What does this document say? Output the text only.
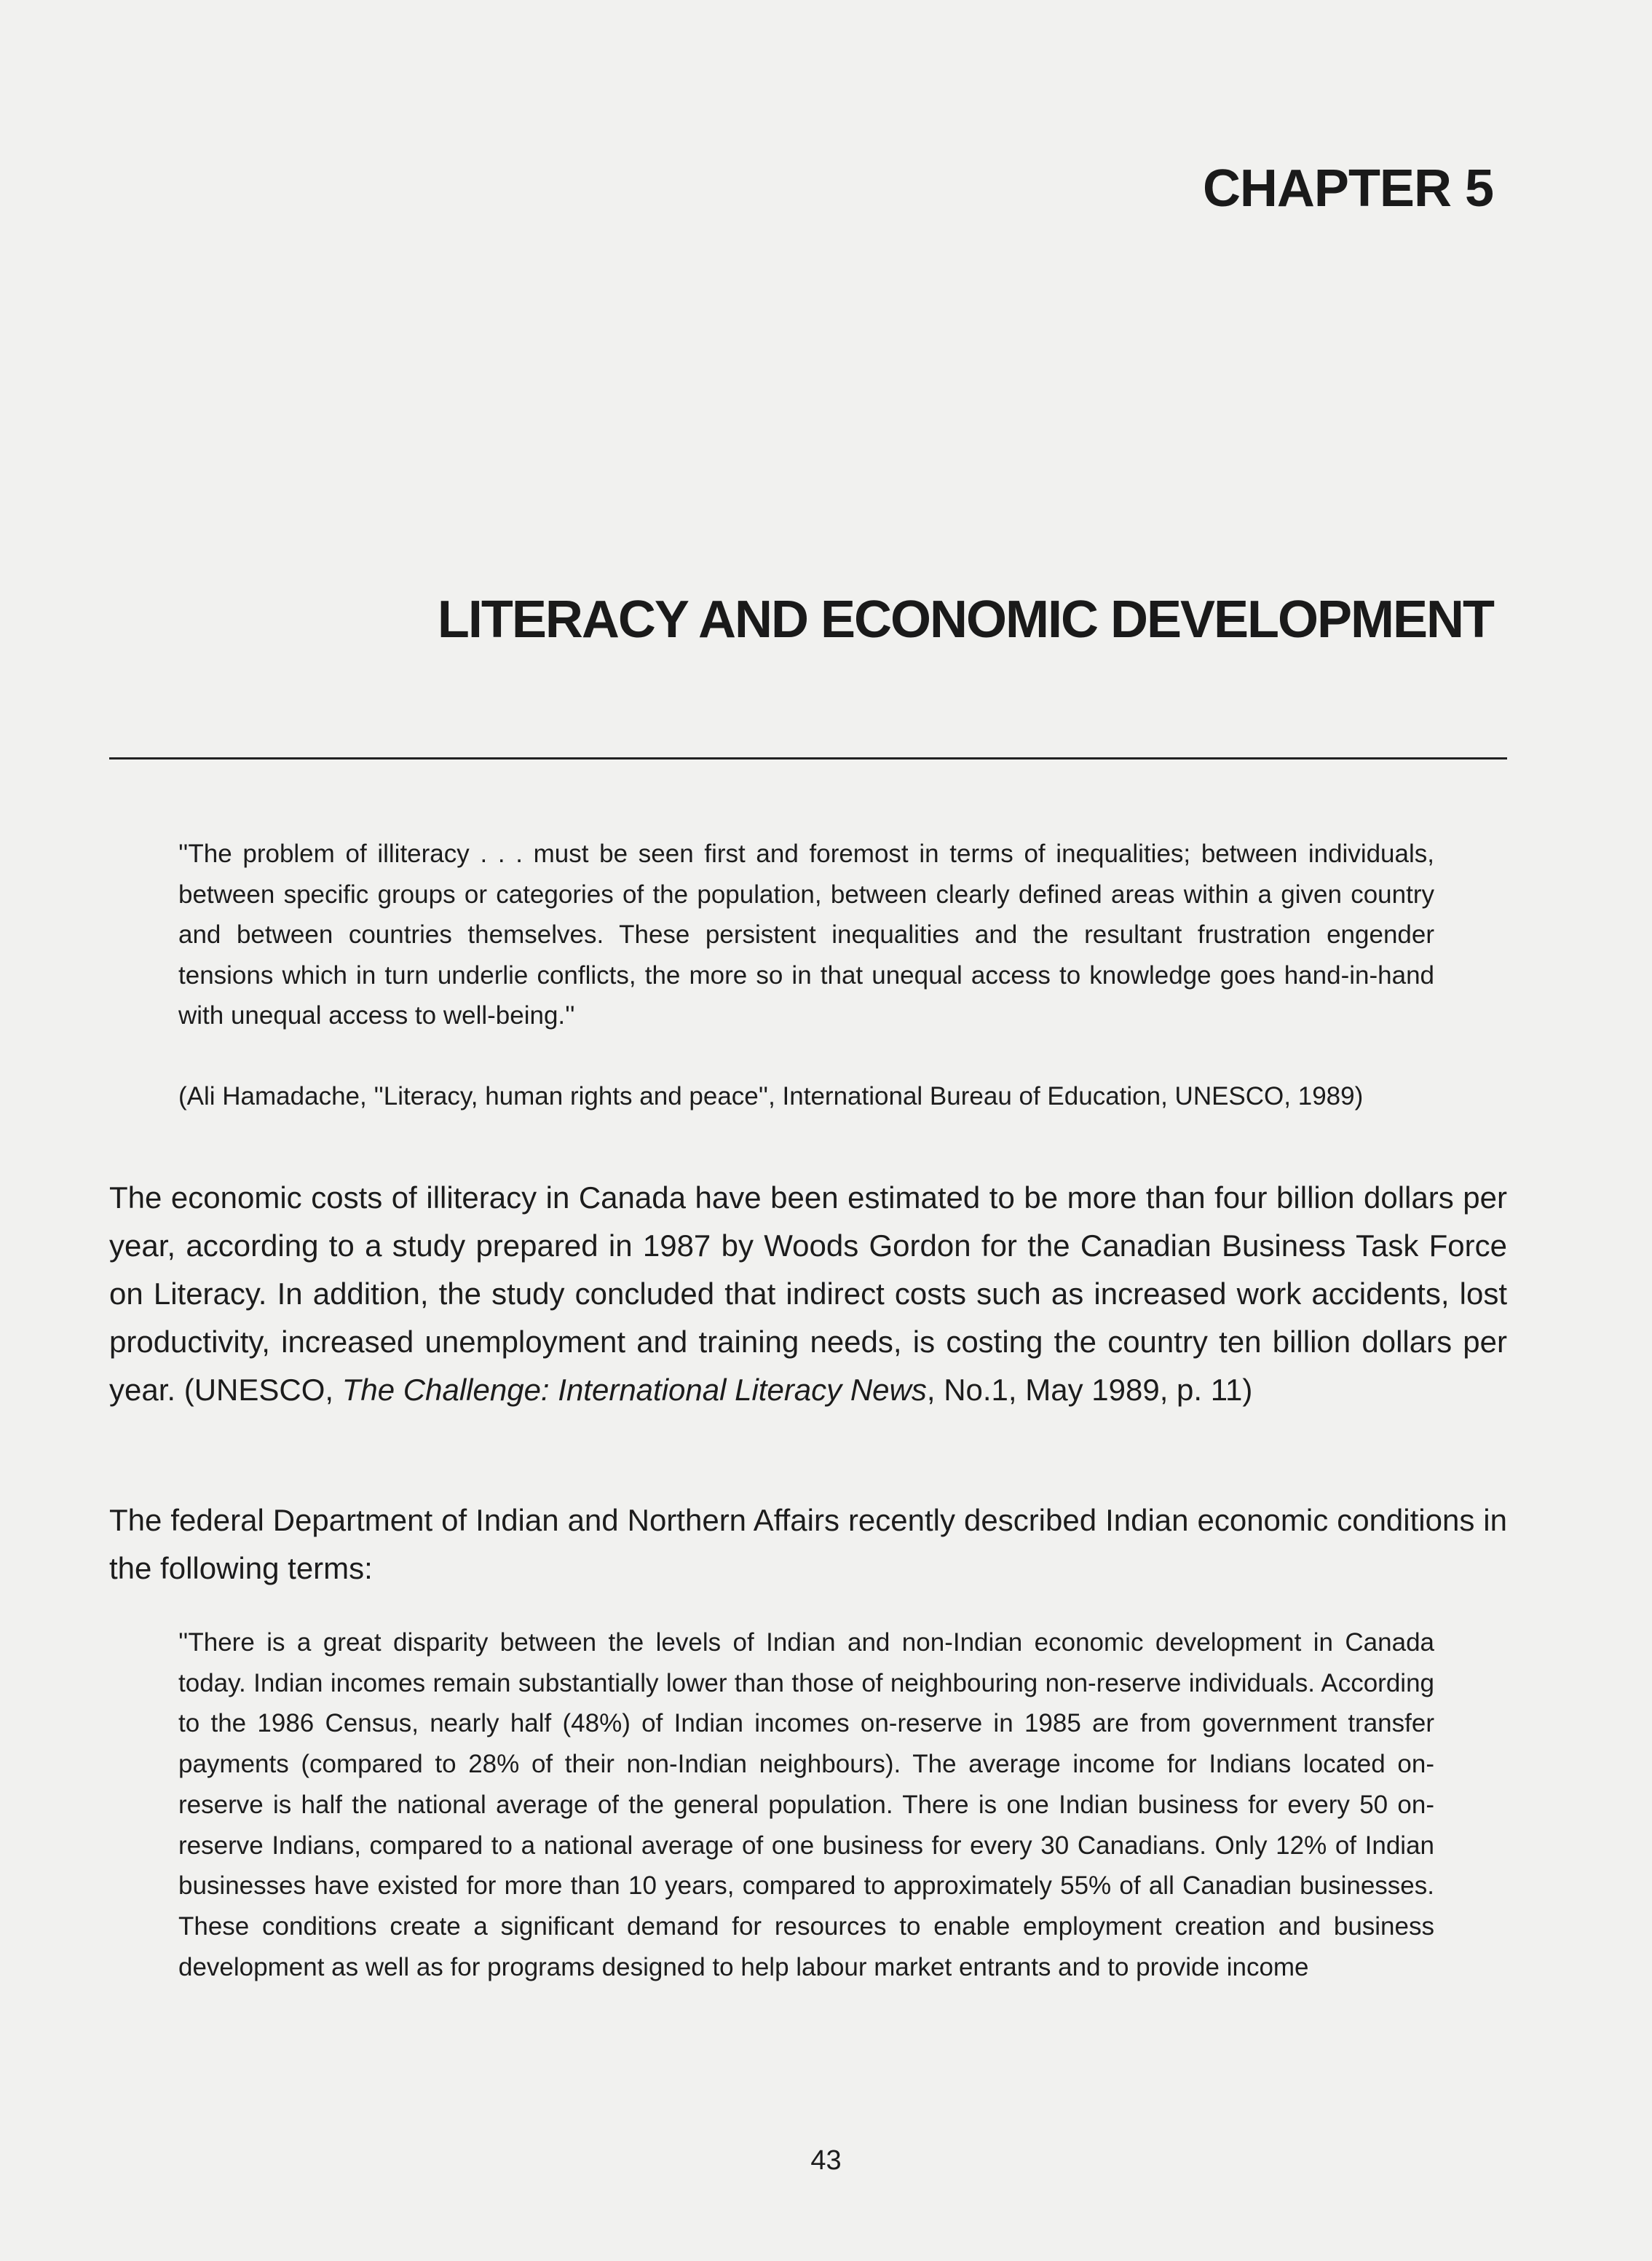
CHAPTER 5
LITERACY AND ECONOMIC DEVELOPMENT

''The problem of illiteracy . . . must be seen first and foremost in terms of inequalities; between individuals, between specific groups or categories of the population, between clearly defined areas within a given country and between countries themselves. These persistent inequalities and the resultant frustration engender tensions which in turn underlie conflicts, the more so in that unequal access to knowledge goes hand-in-hand with unequal access to well-being.''

(Ali Hamadache, ''Literacy, human rights and peace'', International Bureau of Education, UNESCO, 1989)

The economic costs of illiteracy in Canada have been estimated to be more than four billion dollars per year, according to a study prepared in 1987 by Woods Gordon for the Canadian Business Task Force on Literacy. In addition, the study concluded that indirect costs such as increased work accidents, lost productivity, increased unemployment and training needs, is costing the country ten billion dollars per year. (UNESCO, The Challenge: International Literacy News, No.1, May 1989, p. 11)

The federal Department of Indian and Northern Affairs recently described Indian economic conditions in the following terms:

''There is a great disparity between the levels of Indian and non-Indian economic development in Canada today. Indian incomes remain substantially lower than those of neighbouring non-reserve individuals. According to the 1986 Census, nearly half (48%) of Indian incomes on-reserve in 1985 are from government transfer payments (compared to 28% of their non-Indian neighbours). The average income for Indians located on-reserve is half the national average of the general population. There is one Indian business for every 50 on-reserve Indians, compared to a national average of one business for every 30 Canadians. Only 12% of Indian businesses have existed for more than 10 years, compared to approximately 55% of all Canadian businesses. These conditions create a significant demand for resources to enable employment creation and business development as well as for programs designed to help labour market entrants and to provide income

43
